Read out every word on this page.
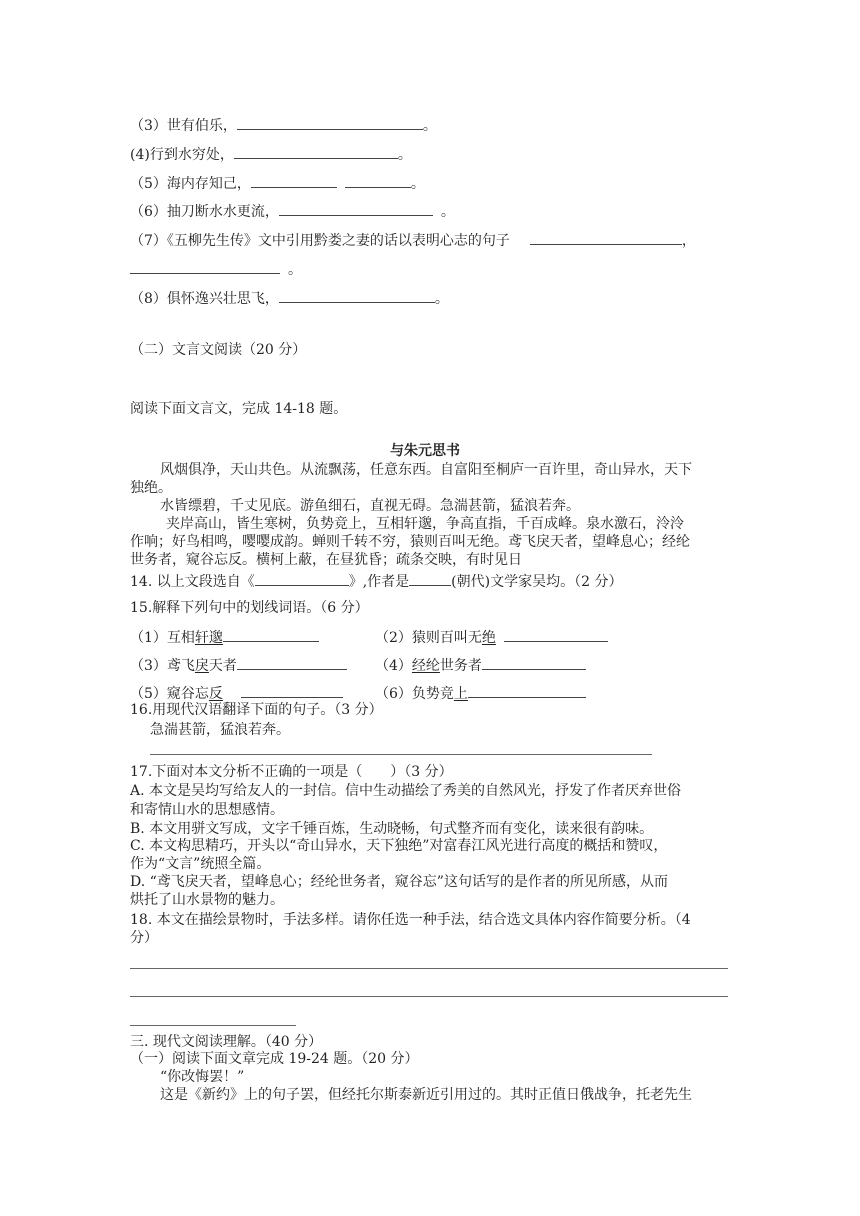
（3）世有伯乐，	。
(4)行到水穷处，	。
（5）海内存知己，	。
（6）抽刀断水水更流，	。
（7）《五柳先生传》文中引用黔娄之妻的话以表明心志的句子	，
。
（8）俱怀逸兴壮思飞，	。
（二）文言文阅读（20 分）
阅读下面文言文，完成 14-18 题。
与朱元思书
风烟俱净，天山共色。从流飘荡，任意东西。自富阳至桐庐一百许里，奇山异水，天下
独绝。
水皆缥碧，千丈见底。游鱼细石，直视无碍。急湍甚箭，猛浪若奔。
夹岸高山，皆生寒树，负势竞上，互相轩邈，争高直指，千百成峰。泉水激石，泠泠
作响；好鸟相鸣，嘤嘤成韵。蝉则千转不穷，猿则百叫无绝。鸢飞戾天者，望峰息心；经纶
世务者，窥谷忘反。横柯上蔽，在昼犹昏；疏条交映，有时见日
14. 以上文段选自《	》,作者是	(朝代)文学家吴均。（2 分）
15.解释下列句中的划线词语。（6 分）
（1）互相轩邈	（2）猿则百叫无绝
（3）鸢飞戾天者	（4）经纶世务者
（5）窥谷忘反	（6）负势竞上
16.用现代汉语翻译下面的句子。（3 分）
急湍甚箭，猛浪若奔。
17.下面对本文分析不正确的一项是（　　）（3 分）
A. 本文是吴均写给友人的一封信。信中生动描绘了秀美的自然风光，抒发了作者厌弃世俗
和寄情山水的思想感情。
B. 本文用骈文写成，文字千锤百炼，生动晓畅，句式整齐而有变化，读来很有韵味。
C. 本文构思精巧，开头以“奇山异水，天下独绝”对富春江风光进行高度的概括和赞叹，
作为“文言”统照全篇。
D. “鸢飞戾天者，望峰息心；经纶世务者，窥谷忘”这句话写的是作者的所见所感，从而
烘托了山水景物的魅力。
18. 本文在描绘景物时，手法多样。请你任选一种手法，结合选文具体内容作简要分析。（4
分）
三. 现代文阅读理解。（40 分）
（一）阅读下面文章完成 19-24 题。（20 分）
“你改悔罢！”
这是《新约》上的句子罢，但经托尔斯泰新近引用过的。其时正值日俄战争，托老先生
